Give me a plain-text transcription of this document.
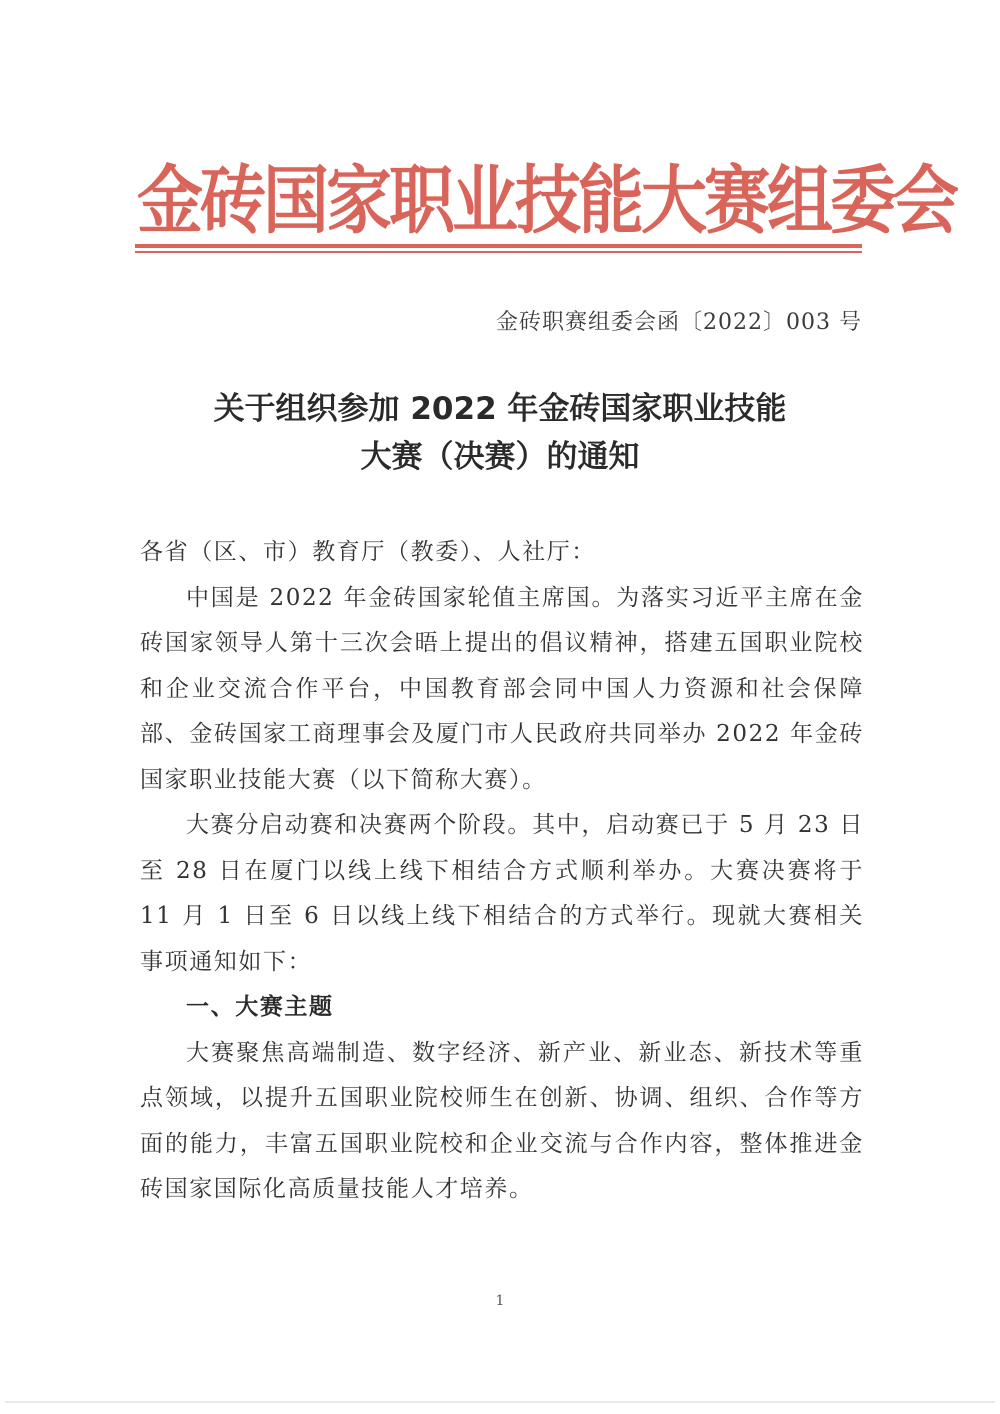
金砖国家职业技能大赛组委会
金砖职赛组委会函〔2022〕003 号
关于组织参加 2022 年金砖国家职业技能
大赛（决赛）的通知

各省（区、市）教育厅（教委）、人社厅：

中国是 2022 年金砖国家轮值主席国。为落实习近平主席在金砖国家领导人第十三次会晤上提出的倡议精神，搭建五国职业院校和企业交流合作平台，中国教育部会同中国人力资源和社会保障部、金砖国家工商理事会及厦门市人民政府共同举办 2022 年金砖国家职业技能大赛（以下简称大赛）。

大赛分启动赛和决赛两个阶段。其中，启动赛已于 5 月 23 日至 28 日在厦门以线上线下相结合方式顺利举办。大赛决赛将于 11 月 1 日至 6 日以线上线下相结合的方式举行。现就大赛相关事项通知如下：

一、大赛主题

大赛聚焦高端制造、数字经济、新产业、新业态、新技术等重点领域，以提升五国职业院校师生在创新、协调、组织、合作等方面的能力，丰富五国职业院校和企业交流与合作内容，整体推进金砖国家国际化高质量技能人才培养。

1
